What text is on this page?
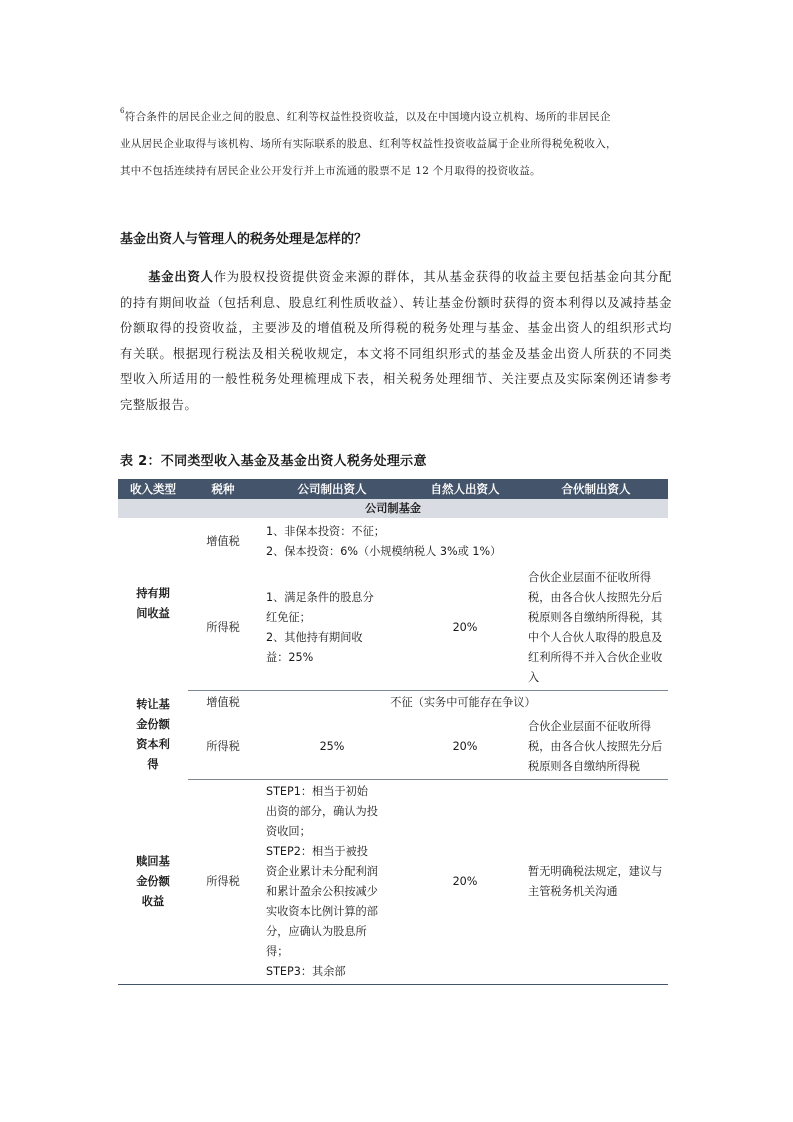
$^6$符合条件的居民企业之间的股息、红利等权益性投资收益，以及在中国境内设立机构、场所的非居民企
业从居民企业取得与该机构、场所有实际联系的股息、红利等权益性投资收益属于企业所得税免税收入，
其中不包括连续持有居民企业公开发行并上市流通的股票不足 12 个月取得的投资收益。
基金出资人与管理人的税务处理是怎样的？
基金出资人作为股权投资提供资金来源的群体，其从基金获得的收益主要包括基金向其分配的持有期间收益（包括利息、股息红利性质收益）、转让基金份额时获得的资本利得以及减持基金份额取得的投资收益，主要涉及的增值税及所得税的税务处理与基金、基金出资人的组织形式均有关联。根据现行税法及相关税收规定，本文将不同组织形式的基金及基金出资人所获的不同类型收入所适用的一般性税务处理梳理成下表，相关税务处理细节、关注要点及实际案例还请参考完整版报告。
表 2：不同类型收入基金及基金出资人税务处理示意
收入类型	税种	公司制出资人	自然人出资人	合伙制出资人
公司制基金				

持有期间收益	增值税	1、非保本投资：不征；
2、保本投资：6%（小规模纳税人 3%或 1%）		

	所得税	1、满足条件的股息分红免征；
2、其他持有期间收益：25%	20%	合伙企业层面不征收所得税，由各合伙人按照先分后税原则各自缴纳所得税，其中个人合伙人取得的股息及红利所得不并入合伙企业收入

转让基金份额资本利得	增值税	不征（实务中可能存在争议）		
	所得税	25%	20%	合伙企业层面不征收所得税，由各合伙人按照先分后税原则各自缴纳所得税

赎回基金份额收益	所得税	STEP1：相当于初始出资的部分，确认为投资收回；
STEP2：相当于被投资企业累计未分配利润和累计盈余公积按减少实收资本比例计算的部分，应确认为股息所得；
STEP3：其余部	20%	暂无明确税法规定，建议与主管税务机关沟通
